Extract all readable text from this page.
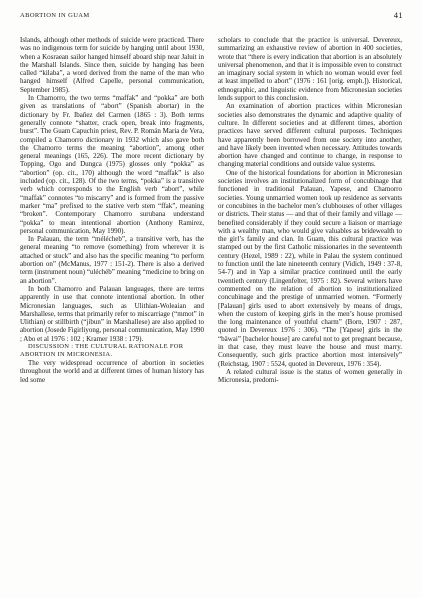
ABORTION IN GUAM	41

Islands, although other methods of suicide were practiced. There was no indigenous term for suicide by hanging until about 1930, when a Kosraean sailor hanged himself aboard ship near Jaluit in the Marshall Islands. Since then, suicide by hanging has been called “kilaba”, a word derived from the name of the man who hanged himself (Alfred Capelle, personal communication, September 1985).

In Chamorro, the two terms “maffak” and “pokka” are both given as translations of “abort” (Spanish abortar) in the dictionary by Fr. Ibañez del Carmen (1865 : 3). Both terms generally connote “shatter, crack open, break into fragments, burst”. The Guam Capuchin priest, Rev. P. Román Maria de Vera, compiled a Chamorro dictionary in 1932 which also gave both the Chamorro terms the meaning “abortion”, among other general meanings (165, 226). The more recent dictionary by Topping, Ogo and Dungca (1975) glosses only “pokka” as “abortion” (op. cit., 170) although the word “maffak” is also included (op. cit., 128). Of the two terms, “pokka” is a transitive verb which corresponds to the English verb “abort”, while “maffak” connotes “to miscarry” and is formed from the passive marker “ma” prefixed to the stative verb stem “ffak”, meaning “broken”. Contemporary Chamorro surubana understand “pokka” to mean intentional abortion (Anthony Ramirez, personal communication, May 1990).

In Palauan, the term “mélécheb”, a transitive verb, has the general meaning “to remove (something) from wherever it is attached or stuck” and also has the specific meaning “to perform abortion on” (McManus, 1977 : 151-2). There is also a derived term (instrument noun) “uléchéb” meaning “medicine to bring on an abortion”.

In both Chamorro and Palauan languages, there are terms apparently in use that connote intentional abortion. In other Micronesian languages, such as Ulithian-Woleaian and Marshallese, terms that primarily refer to miscarriage (“mmot” in Ulithian) or stillbirth (“jibun” in Marshallese) are also applied to abortion (Josede Figirliyong, personal communication, May 1990 ; Abo et al 1976 : 102 ; Kramer 1938 : 179).

DISCUSSION : THE CULTURAL RATIONALE FOR ABORTION IN MICRONESIA.

The very widespread occurrence of abortion in societies throughout the world and at different times of human history has led some

scholars to conclude that the practice is universal. Devereux, summarizing an exhaustive review of abortion in 400 societies, wrote that “there is every indication that abortion is an absolutely universal phenomenon, and that it is impossible even to construct an imaginary social system in which no woman would ever feel at least impelled to abort” (1976 : 161 [orig. emph.]). Historical, ethnographic, and linguistic evidence from Micronesian societies lends support to this conclusion.

An examination of abortion practices within Micronesian societies also demonstrates the dynamic and adaptive quality of culture. In different societies and at different times, abortion practices have served different cultural purposes. Techniques have apparently been borrowed from one society into another, and have likely been invented when necessary. Attitudes towards abortion have changed and continue to change, in response to changing material conditions and outside value systems.

One of the historical foundations for abortion in Micronesian societies involves an institutionalized form of concubinage that functioned in traditional Palauan, Yapese, and Chamorro societies. Young unmarried women took up residence as servants or concubines in the bachelor men’s clubhouses of other villages or districts. Their status — and that of their family and village — benefited considerably if they could secure a liaison or marriage with a wealthy man, who would give valuables as bridewealth to the girl’s family and clan. In Guam, this cultural practice was stamped out by the first Catholic missionaries in the seventeenth century (Hezel, 1989 : 22), while in Palau the system continued to function until the late nineteenth century (Vidich, 1949 : 37-8, 54-7) and in Yap a similar practice continued until the early twentieth century (Lingenfelter, 1975 : 82). Several writers have commented on the relation of abortion to institutionalized concubinage and the prestige of unmarried women. “Formerly [Palauan] girls used to abort extensively by means of drugs, when the custom of keeping girls in the men’s house promised the long maintenance of youthful charm” (Born, 1907 : 287, quoted in Devereux 1976 : 306). “The [Yapese] girls in the “bäwai” [bachelor house] are careful not to get pregnant because, in that case, they must leave the house and must marry. Consequently, such girls practice abortion most intensively” (Reichstag, 1907 : 5524, quoted in Devereux, 1976 : 354).

A related cultural issue is the status of women generally in Micronesia, predomi-
